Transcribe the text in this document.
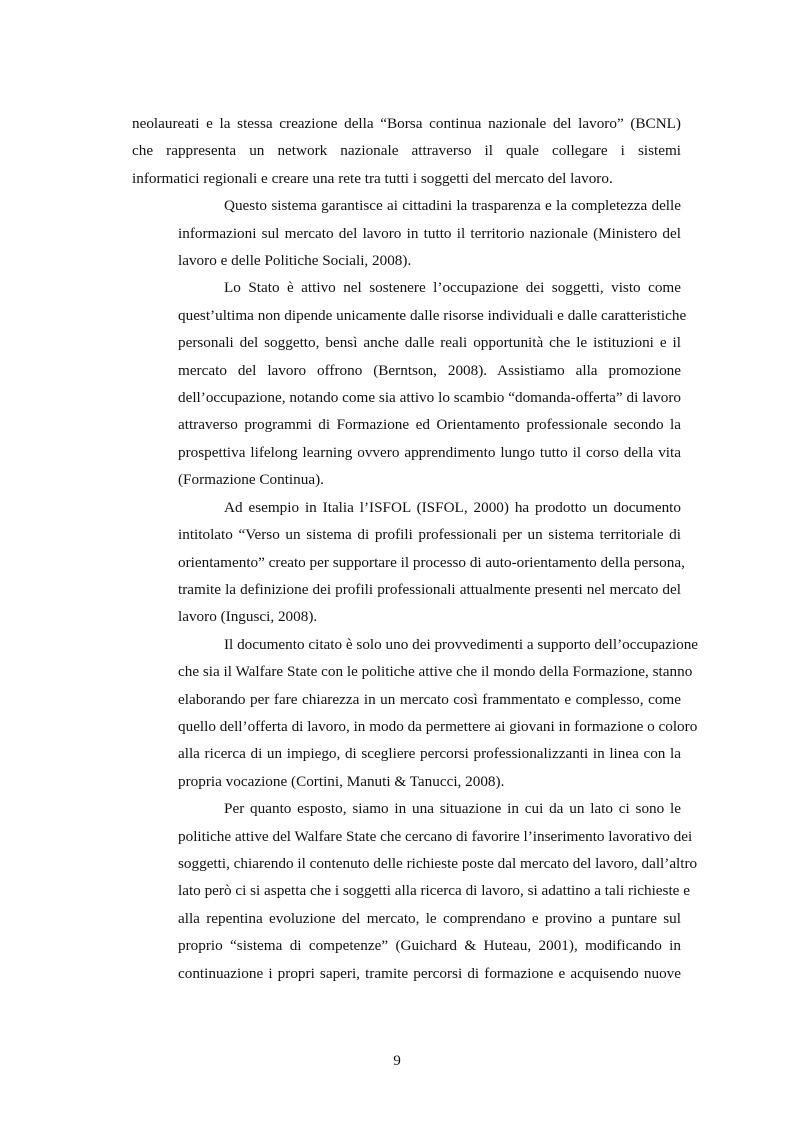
neolaureati e la stessa creazione della “Borsa continua nazionale del lavoro” (BCNL)
che rappresenta un network nazionale attraverso il quale collegare i sistemi
informatici regionali e creare una rete tra tutti i soggetti del mercato del lavoro.
Questo sistema garantisce ai cittadini la trasparenza e la completezza delle
informazioni sul mercato del lavoro in tutto il territorio nazionale (Ministero del
lavoro e delle Politiche Sociali, 2008).
Lo Stato è attivo nel sostenere l’occupazione dei soggetti, visto come
quest’ultima non dipende unicamente dalle risorse individuali e dalle caratteristiche
personali del soggetto, bensì anche dalle reali opportunità che le istituzioni e il
mercato del lavoro offrono (Berntson, 2008). Assistiamo alla promozione
dell’occupazione, notando come sia attivo lo scambio “domanda-offerta” di lavoro
attraverso programmi di Formazione ed Orientamento professionale secondo la
prospettiva lifelong learning ovvero apprendimento lungo tutto il corso della vita
(Formazione Continua).
Ad esempio in Italia l’ISFOL (ISFOL, 2000) ha prodotto un documento
intitolato “Verso un sistema di profili professionali per un sistema territoriale di
orientamento” creato per supportare il processo di auto-orientamento della persona,
tramite la definizione dei profili professionali attualmente presenti nel mercato del
lavoro (Ingusci, 2008).
Il documento citato è solo uno dei provvedimenti a supporto dell’occupazione
che sia il Walfare State con le politiche attive che il mondo della Formazione, stanno
elaborando per fare chiarezza in un mercato così frammentato e complesso, come
quello dell’offerta di lavoro, in modo da permettere ai giovani in formazione o coloro
alla ricerca di un impiego, di scegliere percorsi professionalizzanti in linea con la
propria vocazione (Cortini, Manuti & Tanucci, 2008).
Per quanto esposto, siamo in una situazione in cui da un lato ci sono le
politiche attive del Walfare State che cercano di favorire l’inserimento lavorativo dei
soggetti, chiarendo il contenuto delle richieste poste dal mercato del lavoro, dall’altro
lato però ci si aspetta che i soggetti alla ricerca di lavoro, si adattino a tali richieste e
alla repentina evoluzione del mercato, le comprendano e provino a puntare sul
proprio “sistema di competenze” (Guichard & Huteau, 2001), modificando in
continuazione i propri saperi, tramite percorsi di formazione e acquisendo nuove
9
